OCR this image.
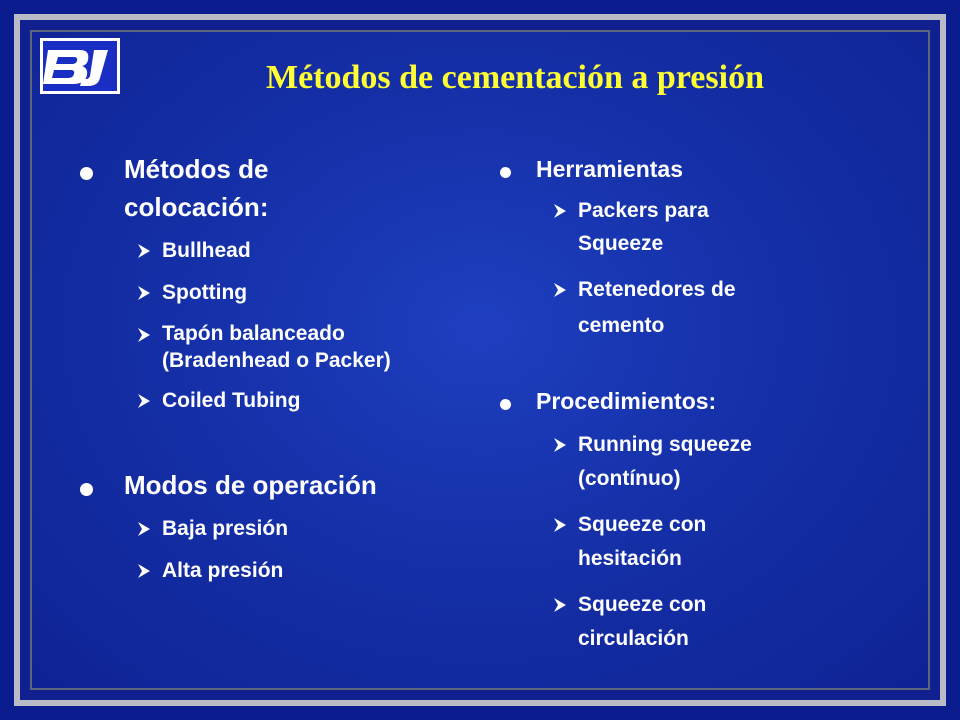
Métodos de cementación a presión
Métodos de colocación:
Bullhead
Spotting
Tapón balanceado (Bradenhead o Packer)
Coiled Tubing
Modos de operación
Baja presión
Alta presión
Herramientas
Packers para Squeeze
Retenedores de cemento
Procedimientos:
Running squeeze (contínuo)
Squeeze con hesitación
Squeeze con circulación
